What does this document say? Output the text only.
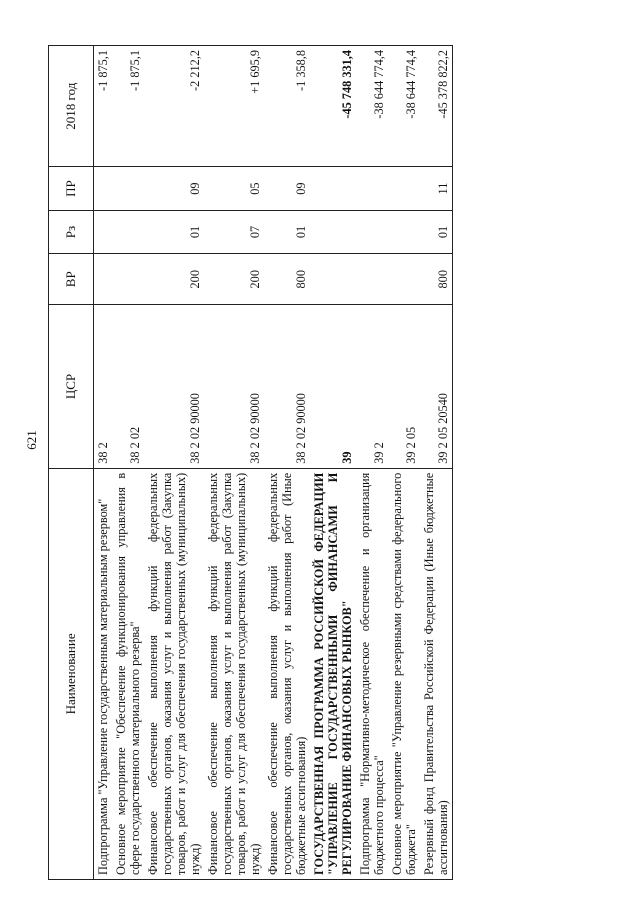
621
Наименование	ЦСР	ВР	Рз	ПР	2018 год
Подпрограмма "Управление государственным материальным резервом"	38 2				-1 875,1
Основное мероприятие "Обеспечение функционирования управления в сфере государственного материального резерва"	38 2 02				-1 875,1
Финансовое обеспечение выполнения функций федеральных государственных органов, оказания услуг и выполнения работ (Закупка товаров, работ и услуг для обеспечения государственных (муниципальных) нужд)	38 2 02 90000	200	01	09	-2 212,2
Финансовое обеспечение выполнения функций федеральных государственных органов, оказания услуг и выполнения работ (Закупка товаров, работ и услуг для обеспечения государственных (муниципальных) нужд)	38 2 02 90000	200	07	05	+1 695,9
Финансовое обеспечение выполнения функций федеральных государственных органов, оказания услуг и выполнения работ (Иные бюджетные ассигнования)	38 2 02 90000	800	01	09	-1 358,8
ГОСУДАРСТВЕННАЯ ПРОГРАММА РОССИЙСКОЙ ФЕДЕРАЦИИ "УПРАВЛЕНИЕ ГОСУДАРСТВЕННЫМИ ФИНАНСАМИ И РЕГУЛИРОВАНИЕ ФИНАНСОВЫХ РЫНКОВ"	39				-45 748 331,4
Подпрограмма "Нормативно-методическое обеспечение и организация бюджетного процесса"	39 2				-38 644 774,4
Основное мероприятие "Управление резервными средствами федерального бюджета"	39 2 05				-38 644 774,4
Резервный фонд Правительства Российской Федерации (Иные бюджетные ассигнования)	39 2 05 20540	800	01	11	-45 378 822,2
